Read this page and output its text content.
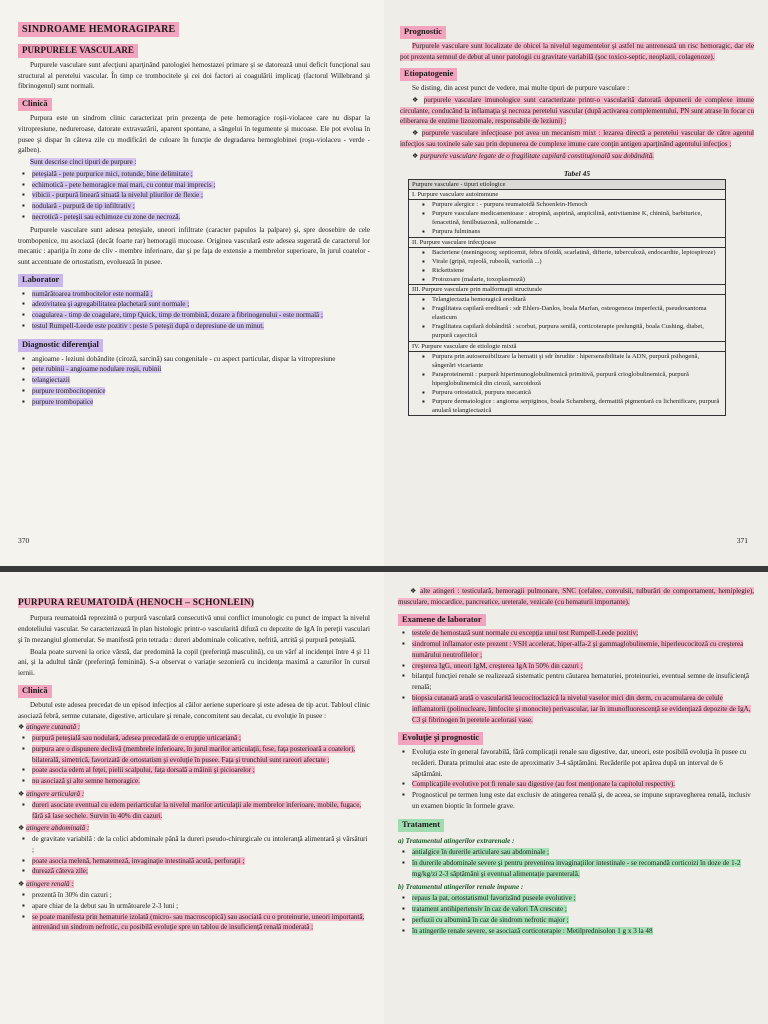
SINDROAME HEMORAGIPARE
PURPURELE VASCULARE

Purpurele vasculare sunt afecţiuni aparţinând patologiei hemostazei primare şi se datorează unui deficit funcţional sau structural al peretelui vascular. În timp ce trombocitele şi cei doi factori ai coagulării implicaţi (factorul Willebrand şi fibrinogenul) sunt normali.

Clinică

Purpura este un sindrom clinic caracterizat prin prezenţa de pete hemoragice roşii-violacee care nu dispar la vitropresiune, nedureroase, datorate extravazării, aparent spontane, a sângelui în tegumente şi mucoase. Ele pot evolua în pusee şi dispar în câteva zile cu modificări de culoare în funcţie de degradarea hemoglobinei (roşu-violaceu - verde - galben).

Sunt descrise cinci tipuri de purpure :

▪ peteşială - pete purpurice mici, rotunde, bine delimitate ;
▪ echimotică - pete hemoragice mai mari, cu contur mai imprecis ;
▪ vibicii - purpură lineară situată la nivelul pliurilor de flexie ;
▪ nodulară - purpură de tip infiltrativ ;
▪ necrotică - peteşii sau echimoze cu zone de necroză.

Purpurele vasculare sunt adesea peteşiale, uneori infiltrate (caracter papulos la palpare) şi, spre deosebire de cele trombopenice, nu asociază (decât foarte rar) hemoragii mucoase. Originea vasculară este adesea sugerată de caracterul lor mecanic : apariţia în zone de cliv - membre inferioare, dar şi pe faţa de extensie a membrelor superioare, în jurul coatelor - sunt accentuate de ortostatism, evoluează în pusee.

Laborator
▪ numărătoarea trombocitelor este normală ;
▪ adezivitatea şi agregabilitatea plachetară sunt normale ;
▪ coagularea - timp de coagulare, timp Quick, timp de trombină, dozare a fibrinogenului - este normală ;
▪ testul Rumpell-Leede este pozitiv : peste 5 peteşii după o depresiune de un minut.
Diagnostic diferenţial
▪ angioame - leziuni dobândite (ciroză, sarcină) sau congenitale - cu aspect particular, dispar la vitropresiune
▪ pete rubinii - angioame nodulare roşii, rubinii
▪ telangiectazii
▪ purpure trombocitopenice
▪ purpure trombopatice
370
Prognostic

Purpurele vasculare sunt localizate de obicei la nivelul tegumentelor şi astfel nu antrenează un risc hemoragic, dar ele pot prezenta semnul de debut al unor patologii cu gravitate variabilă (şoc toxico-septic, neoplazii, colagenoze).

Etiopatogenie

Se disting, din acest punct de vedere, mai multe tipuri de purpure vasculare :

❖ purpurele vasculare imunologice sunt caracterizate printr-o vascularită datorată depunerii de complexe imune circulante, conducând la inflamaţia şi necroza peretelui vascular (după activarea complementului, PN sunt atrase în focar cu eliberarea de enzime lizozomale, responsabile de leziuni) ;

❖ purpurele vasculare infecţioase pot avea un mecanism mixt : lezarea directă a peretelui vascular de către agentul infecţios sau toxinele sale sau prin depunerea de complexe imune care conţin antigen aparţinând agentului infecţios ;

❖ purpurele vasculare legate de o fragilitate capilară constituţională sau dobândită.

Tabel 45
Purpure vasculare - tipuri etiologice
I. Purpure vasculare autoimmune
▪ Purpure alergice : - purpura reumatoidă Schoenlein-Henoch
▪ Purpure vasculare medicamentoase : atropină, aspirină, ampicilină, antivitamine K, chinină, barbiturice, fenacetină, fenilbutazonă, sulfonamide ...
▪ Purpura fulminans
II. Purpure vasculare infecţioase
▪ Bacteriene (meningocoq; septicemii, febra tifoidă, scarlatină, difterie, tuberculoză, endocardite, leptospiroze)
▪ Virale (gripă, rujeolă, rubeolă, varicelă ...)
▪ Rickettsiene
▪ Protozoare (malarie, toxoplasmoză)
III. Purpure vasculare prin malformaţii structurale
▪ Telangiectazia hemoragică ereditară
▪ Fragilitatea capilară ereditară : sdr Ehlers-Danlos, boala Marfan, osteogeneza imperfectă, pseudoxantoma elasticum
▪ Fragilitatea capilară dobândită : scorbut, purpura senilă, corticoterapie prelungită, boala Cushing, diabet, purpură caşectică
IV. Purpure vasculare de etiologie mixtă
▪ Purpura prin autosensibilizare la hematii şi sdr înrudite : hipersensibilitate la ADN, purpură psihogenă, sângerări vicariante
▪ Paraproteinemii : purpură hiperimunoglobulinemică primitivă, purpură crioglobulinemică, purpură hiperglobulinemică din ciroză, sarcoidoză
▪ Purpura ortostatică, purpura mecanică
▪ Purpure dermatologice : angioma serpiginos, boala Schamberg, dermatită pigmentară cu lichenificare, purpură anulară telangiectazică
371
PURPURA REUMATOIDĂ (HENOCH – SCHONLEIN)

Purpura reumatoidă reprezintă o purpură vasculară consecutivă unui conflict imunologic cu punct de impact la nivelul endoteliului vascular. Se caracterizează în plan histologic printr-o vascularită difuză cu depozite de IgA în pereţii vasculari şi în mezangiul glomerular. Se manifestă prin tetrada : dureri abdominale colicative, nefrită, artrită şi purpură peteşială.

Boala poate surveni la orice vârstă, dar predomină la copil (preferinţă masculină), cu un vârf al incidenţei între 4 şi 11 ani, şi la adultul tânăr (preferinţă feminină). S-a observat o variaţie sezonieră cu incidenţa maximă a cazurilor în cursul iernii.

Clinică

Debutul este adesea precedat de un episod infecţios al căilor aeriene superioare şi este adesea de tip acut. Tabloul clinic asociază febră, semne cutanate, digestive, articulare şi renale, concomitent sau decalat, cu evoluţie în pusee :

❖ atingere cutanată :
▪ purpură peteşială sau nodulară, adesea precedată de o erupţie urticariană ;
▪ purpura are o dispunere declivă (membrele inferioare, în jurul marilor articulaţii, fese, faţa posterioară a coatelor), bilaterală, simetrică, favorizată de ortostatism şi evoluţie în pusee. Faţa şi trunchiul sunt rareori afectate ;
▪ poate asocia edem al feţei, pielii scalpului, faţa dorsală a mâinii şi picioarelor ;
▪ nu asociază şi alte semne hemoragice.
❖ atingere articulară :
▪ dureri asociate eventual cu edem periarticular la nivelul marilor articulaţii ale membrelor inferioare, mobile, fugace, fără să lase sechele. Survin în 40% din cazuri.
❖ atingere abdominală :
▪ de gravitate variabilă : de la colici abdominale până la dureri pseudo-chirurgicale cu intoleranţă alimentară şi vărsături ;
▪ poate asocia melenă, hematemeză, invaginaţie intestinală acută, perforaţii ;
▪ durează câteva zile;
❖ atingere renală :
▪ prezentă în 30% din cazuri ;
▪ apare chiar de la debut sau în următoarele 2-3 luni ;
▪ se poate manifesta prin hematurie izolată (micro- sau macroscopică) sau asociată cu o proteinurie, uneori importantă, antrenând un sindrom nefrotic, cu posibilă evoluţie spre un tablou de insuficienţă renală moderată ;

❖ alte atingeri : testiculară, hemoragii pulmonare, SNC (cefalee, convulsii, tulburări de comportament, hemiplegie), musculare, miocardice, pancreatice, ureterale, vezicale (cu hematurii importante).

Examene de laborator
▪ testele de hemostază sunt normale cu excepţia unui test Rumpell-Leede pozitiv;
▪ sindromul inflamator este prezent : VSH accelerat, hiper-alfa-2 şi gammaglobulinemie, hiperleucocitoză cu creşterea numărului neutrofilelor ;
▪ creşterea IgG, uneori IgM, creşterea IgA în 50% din cazuri ;
▪ bilanţul funcţiei renale se realizează sistematic pentru căutarea hematuriei, proteinuriei, eventual semne de insuficienţă renală;
▪ biopsia cutanată arată o vascularită leucocitoclazică la nivelul vaselor mici din derm, cu acumularea de celule inflamatorii (polinucleare, limfocite şi monocite) perivascular, iar în imunofluorescenţă se evidenţiază depozite de IgA, C3 şi fibrinogen în peretele acelorasi vase.
Evoluţie şi prognostic
▪ Evoluţia este în general favorabilă, fără complicaţii renale sau digestive, dar, uneori, este posibilă evoluţia în pusee cu recăderi. Durata primului atac este de aproximativ 3-4 săptămâni. Recăderile pot apărea după un interval de 6 săptămâni.
▪ Complicaţiile evolutive pot fi renale sau digestive (au fost menţionate la capitolul respectiv).
▪ Prognosticul pe termen lung este dat exclusiv de atingerea renală şi, de aceea, se impune supravegherea renală, inclusiv un examen bioptic în formele grave.
Tratament
a) Tratamentul atingerilor extrarenale :
▪ antialgice în durerile articulare sau abdominale ;
▪ în durerile abdominale severe şi pentru prevenirea invaginaţiilor intestinale - se recomandă corticoizi în doze de 1-2 mg/kg/zi 2-3 săptămâni şi eventual alimentaţie parenterală.
b) Tratamentul atingerilor renale impune :
▪ repaus la pat, ortostatismul favorizând puseele evolutive ;
▪ tratament antihipertensiv în caz de valori TA crescute ;
▪ perfuzii cu albumină în caz de sindrom nefrotic major ;
▪ în atingerile renale severe, se asociază corticoterapie : Metilprednisolon 1 g x 3 la 48
